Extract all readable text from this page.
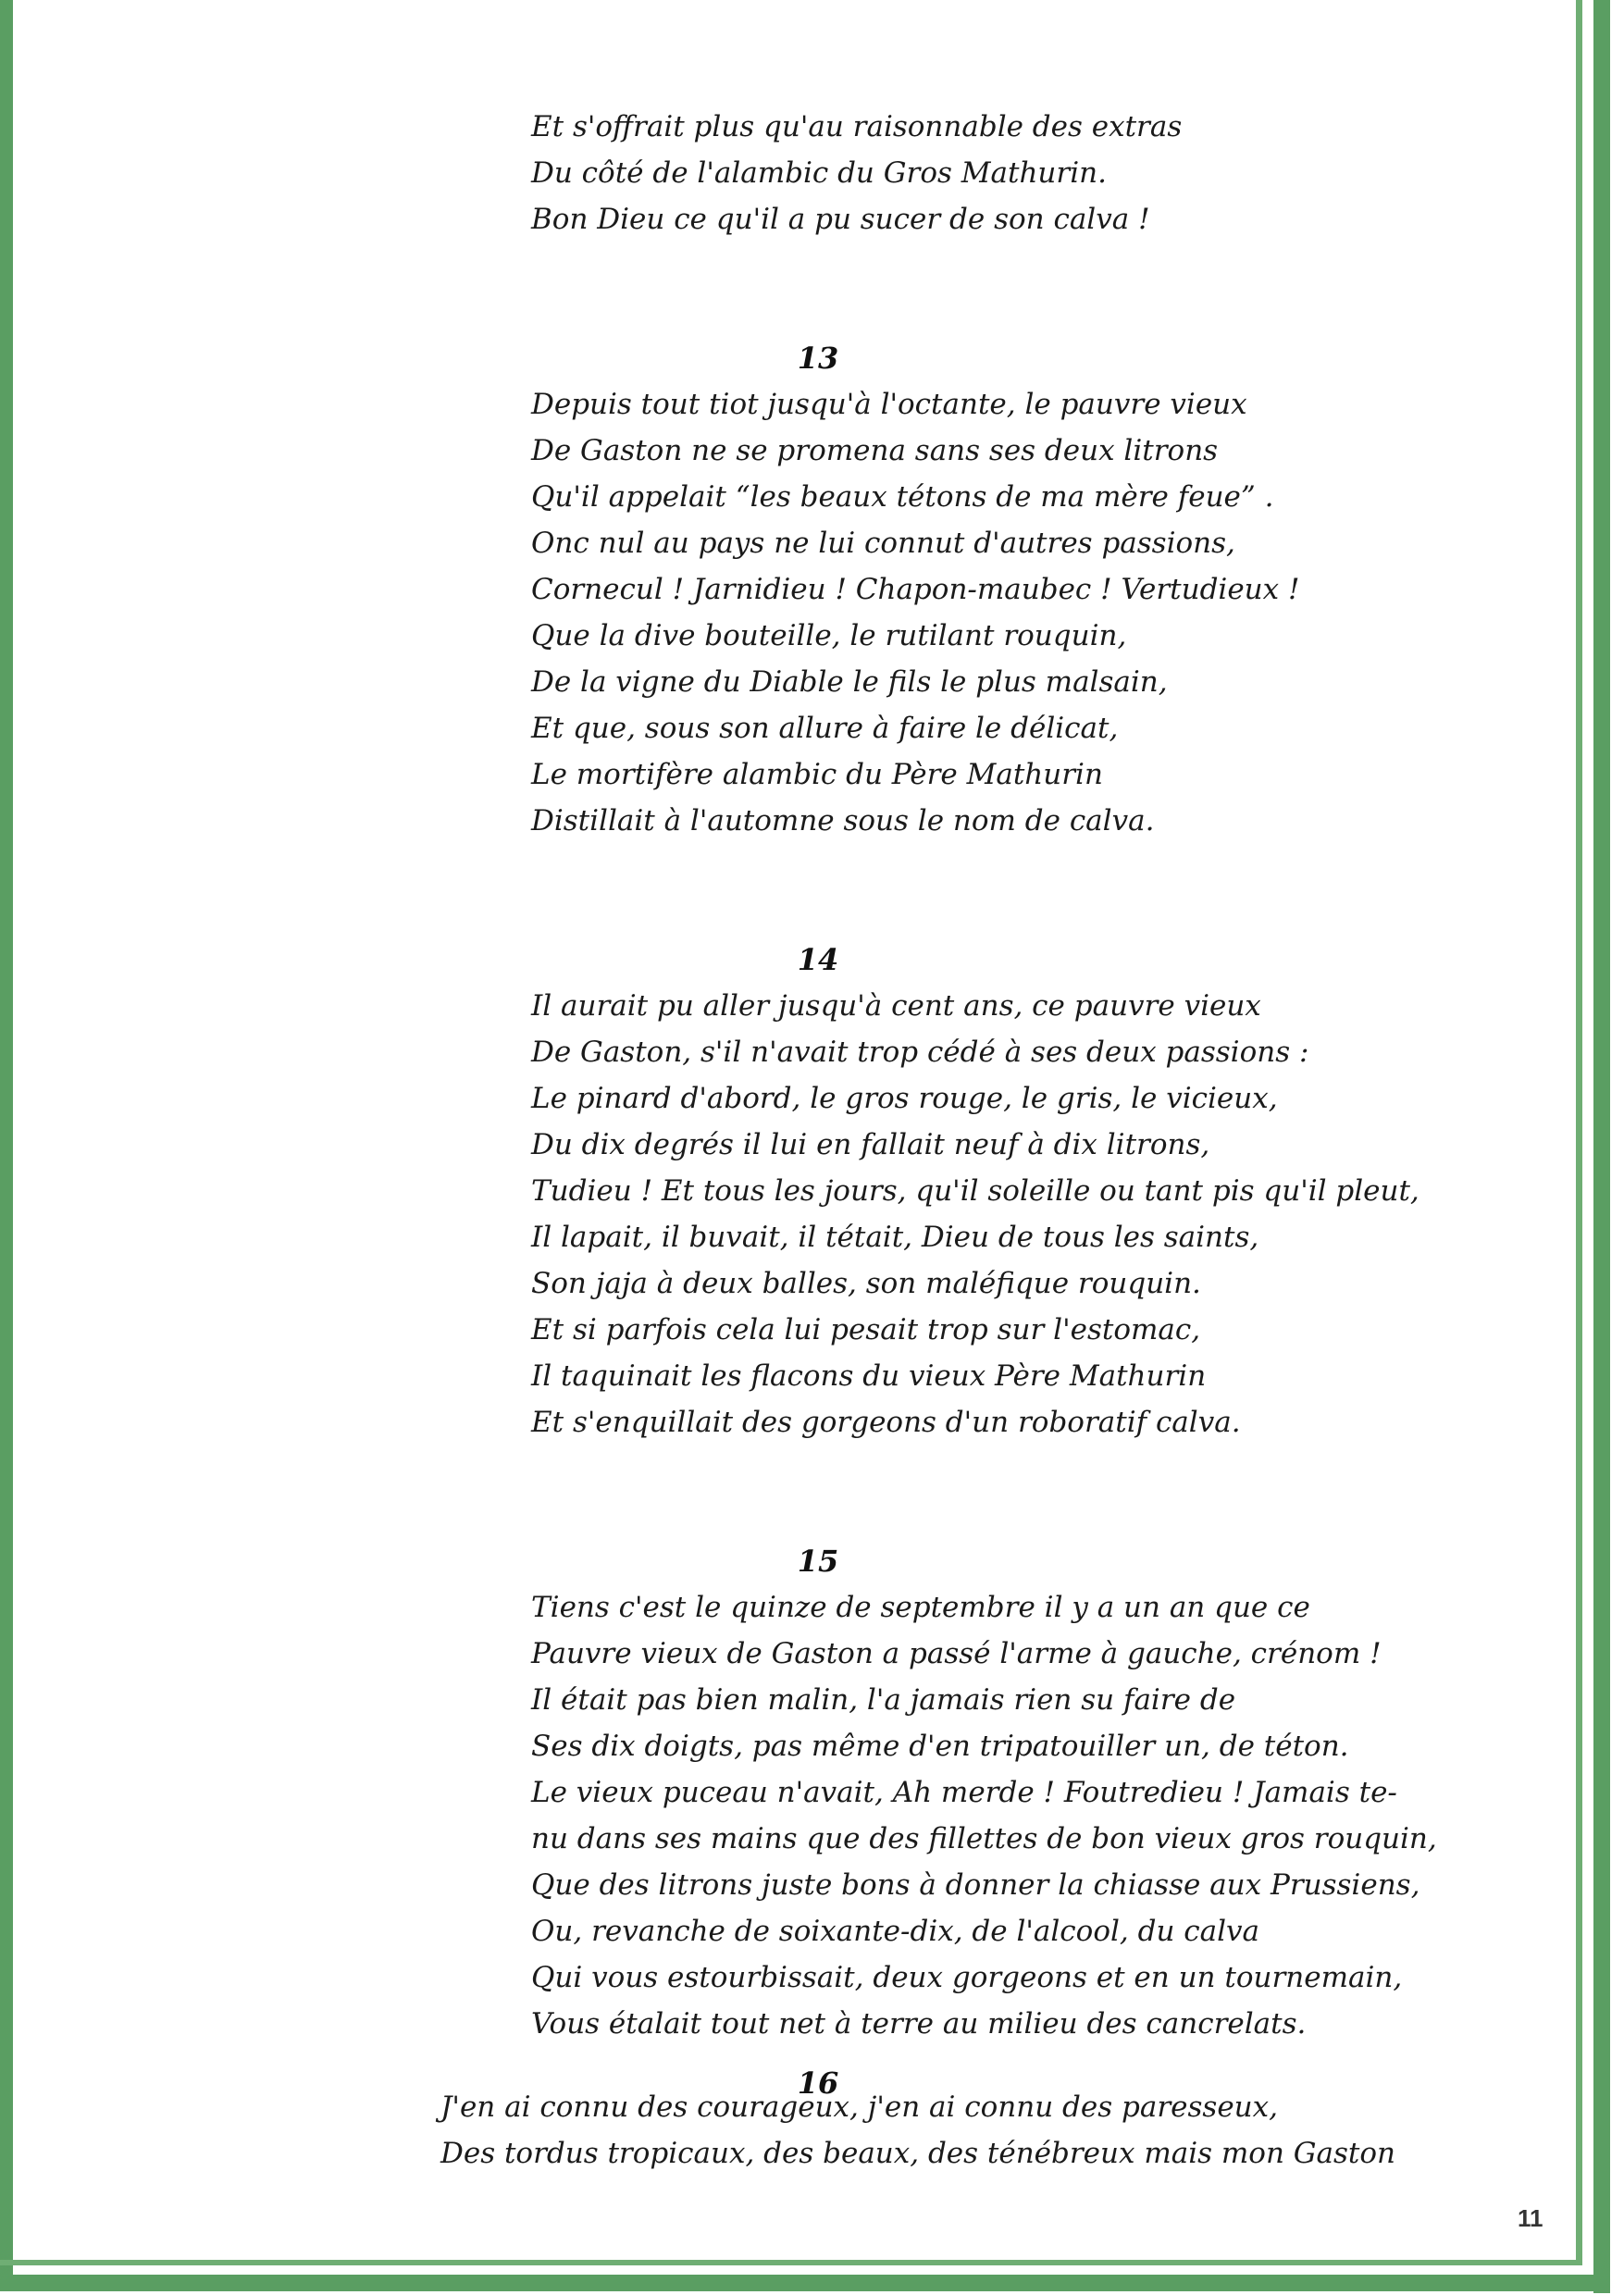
Et s'offrait plus qu'au raisonnable des extras
Du côté de l'alambic du Gros Mathurin.
Bon Dieu ce qu'il a pu sucer de son calva !
13
Depuis tout tiot jusqu'à l'octante, le pauvre vieux
De Gaston ne se promena sans ses deux litrons
Qu'il appelait “les beaux tétons de ma mère feue” .
Onc nul au pays ne lui connut d'autres passions,
Cornecul ! Jarnidieu ! Chapon-maubec ! Vertudieux !
Que la dive bouteille, le rutilant rouquin,
De la vigne du Diable le fils le plus malsain,
Et que, sous son allure à faire le délicat,
Le mortifère alambic du Père Mathurin
Distillait à l'automne sous le nom de calva.
14
Il aurait pu aller jusqu'à cent ans, ce pauvre vieux
De Gaston, s'il n'avait trop cédé à ses deux passions :
Le pinard d'abord, le gros rouge, le gris, le vicieux,
Du dix degrés il lui en fallait neuf à dix litrons,
Tudieu ! Et tous les jours, qu'il soleille ou tant pis qu'il pleut,
Il lapait, il buvait, il tétait, Dieu de tous les saints,
Son jaja à deux balles, son maléfique rouquin.
Et si parfois cela lui pesait trop sur l'estomac,
Il taquinait les flacons du vieux Père Mathurin
Et s'enquillait des gorgeons d'un roboratif calva.
15
Tiens c'est le quinze de septembre il y a un an que ce
Pauvre vieux de Gaston a passé l'arme à gauche, crénom !
Il était pas bien malin, l'a jamais rien su faire de
Ses dix doigts, pas même d'en tripatouiller un, de téton.
Le vieux puceau n'avait, Ah merde ! Foutredieu ! Jamais te-
nu dans ses mains que des fillettes de bon vieux gros rouquin,
Que des litrons juste bons à donner la chiasse aux Prussiens,
Ou, revanche de soixante-dix, de l'alcool, du calva
Qui vous estourbissait, deux gorgeons et en un tournemain,
Vous étalait tout net à terre au milieu des cancrelats.
16
J'en ai connu des courageux, j'en ai connu des paresseux,
Des tordus tropicaux, des beaux, des ténébreux mais mon Gaston
11
